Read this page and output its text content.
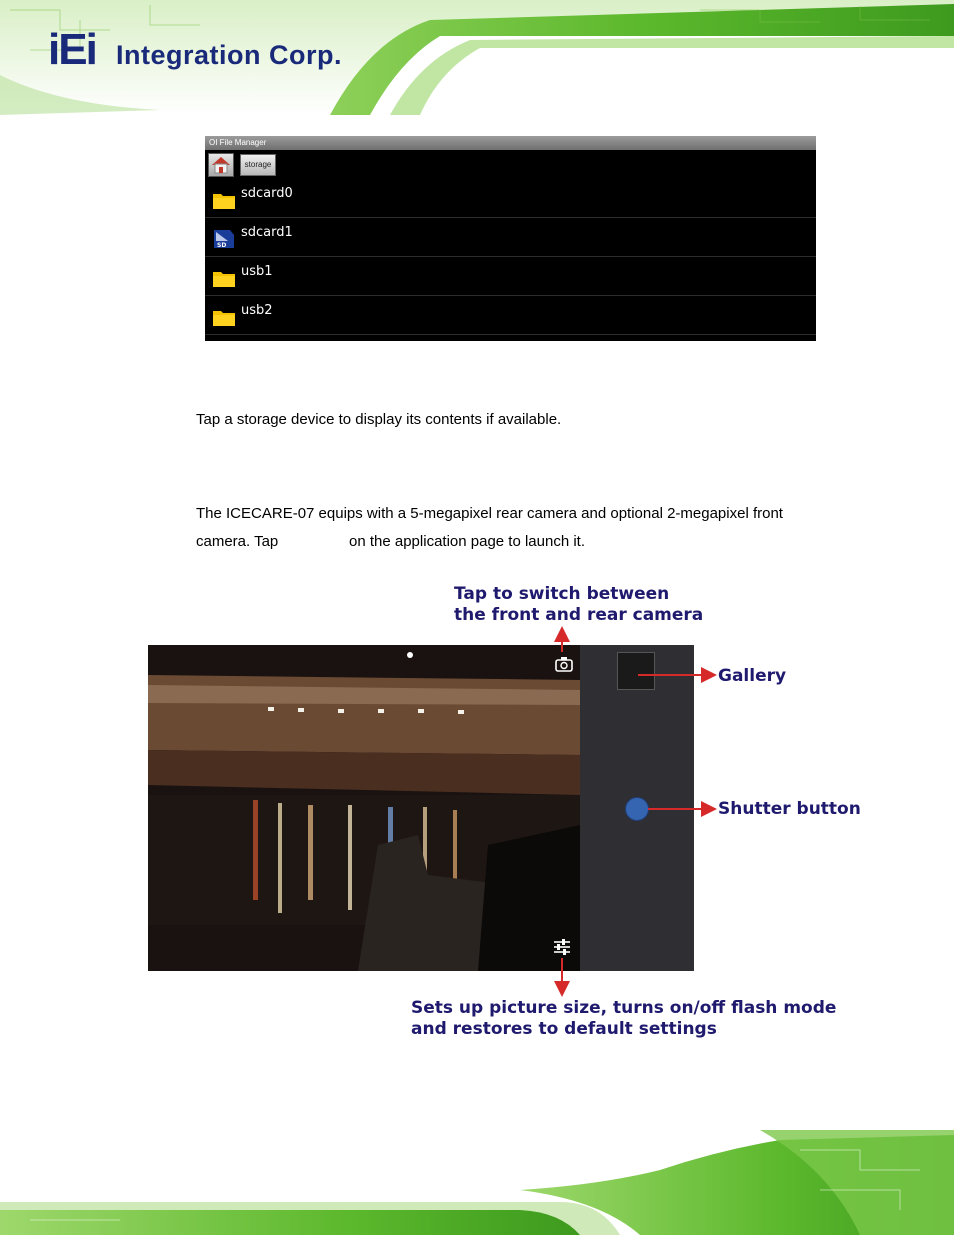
iEi Integration Corp.
OI File Manager
storage
sdcard0
SD
sdcard1
usb1
usb2
Tap a storage device to display its contents if available.
The ICECARE-07 equips with a 5-megapixel rear camera and optional 2-megapixel front
camera. Tap	on the application page to launch it.
Tap to switch between
the front and rear camera
Gallery
Shutter button
Sets up picture size, turns on/off flash mode
and restores to default settings
